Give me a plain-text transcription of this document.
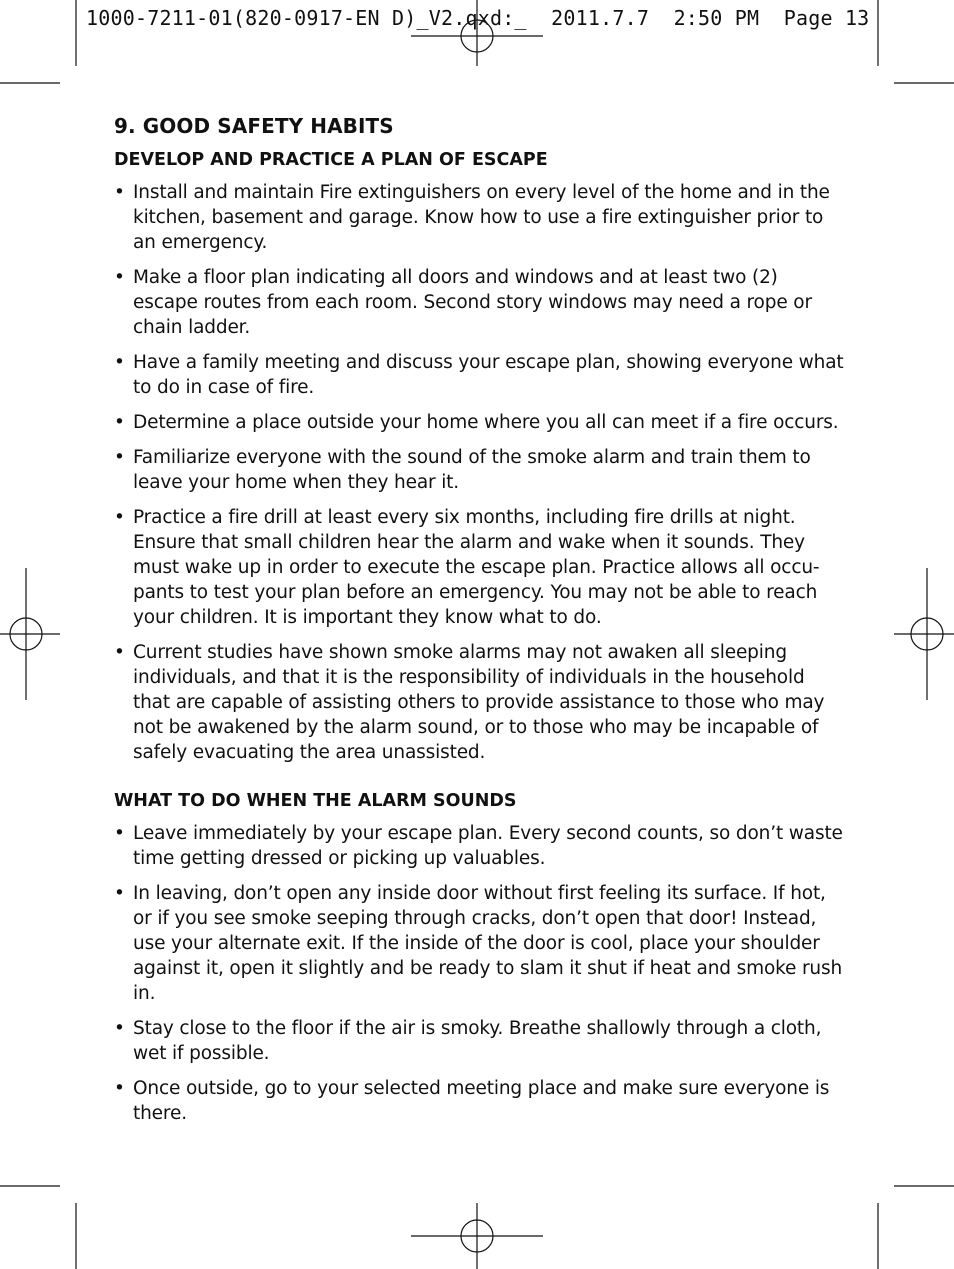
1000-7211-01(820-0917-EN D)_V2.qxd:_  2011.7.7  2:50 PM  Page 13
9. GOOD SAFETY HABITS
DEVELOP AND PRACTICE A PLAN OF ESCAPE
• Install and maintain Fire extinguishers on every level of the home and in the kitchen, basement and garage. Know how to use a fire extinguisher prior to an emergency.
• Make a floor plan indicating all doors and windows and at least two (2) escape routes from each room. Second story windows may need a rope or chain ladder.
• Have a family meeting and discuss your escape plan, showing everyone what to do in case of fire.
• Determine a place outside your home where you all can meet if a fire occurs.
• Familiarize everyone with the sound of the smoke alarm and train them to leave your home when they hear it.
• Practice a fire drill at least every six months, including fire drills at night. Ensure that small children hear the alarm and wake when it sounds. They must wake up in order to execute the escape plan. Practice allows all occu-pants to test your plan before an emergency. You may not be able to reach your children. It is important they know what to do.
• Current studies have shown smoke alarms may not awaken all sleeping individuals, and that it is the responsibility of individuals in the household that are capable of assisting others to provide assistance to those who may not be awakened by the alarm sound, or to those who may be incapable of safely evacuating the area unassisted.
WHAT TO DO WHEN THE ALARM SOUNDS
• Leave immediately by your escape plan. Every second counts, so don’t waste time getting dressed or picking up valuables.
• In leaving, don’t open any inside door without first feeling its surface. If hot, or if you see smoke seeping through cracks, don’t open that door! Instead, use your alternate exit. If the inside of the door is cool, place your shoulder against it, open it slightly and be ready to slam it shut if heat and smoke rush in.
• Stay close to the floor if the air is smoky. Breathe shallowly through a cloth, wet if possible.
• Once outside, go to your selected meeting place and make sure everyone is there.
